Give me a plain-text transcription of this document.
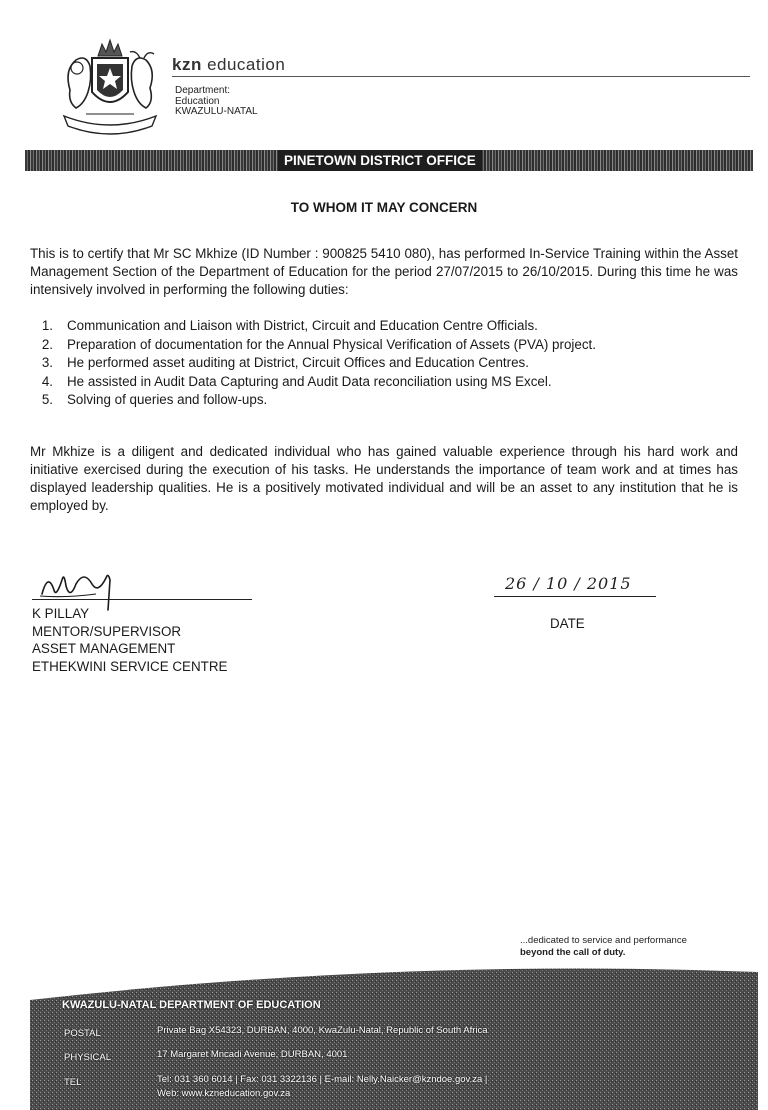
kzn education
Department:
Education
KWAZULU-NATAL
PINETOWN DISTRICT OFFICE
TO WHOM IT MAY CONCERN
This is to certify that Mr SC Mkhize (ID Number : 900825 5410 080), has performed In-Service Training within the Asset Management Section of the Department of Education for the period 27/07/2015 to 26/10/2015. During this time he was intensively involved in performing the following duties:
1.	Communication and Liaison with District, Circuit and Education Centre Officials.
2.	Preparation of documentation for the Annual Physical Verification of Assets (PVA) project.
3.	He performed asset auditing at District, Circuit Offices and Education Centres.
4.	He assisted in Audit Data Capturing and Audit Data reconciliation using MS Excel.
5.	Solving of queries and follow-ups.
Mr Mkhize is a diligent and dedicated individual who has gained valuable experience through his hard work and initiative exercised during the execution of his tasks. He understands the importance of team work and at times has displayed leadership qualities. He is a positively motivated individual and will be an asset to any institution that he is employed by.
K PILLAY
MENTOR/SUPERVISOR
ASSET MANAGEMENT
ETHEKWINI SERVICE CENTRE
26 / 10 / 2015
DATE
...dedicated to service and performance
beyond the call of duty.
KWAZULU-NATAL DEPARTMENT OF EDUCATION
POSTAL	Private Bag X54323, DURBAN, 4000, KwaZulu-Natal, Republic of South Africa
PHYSICAL	17 Margaret Mncadi Avenue, DURBAN, 4001
TEL	Tel: 031 360 6014 | Fax: 031 3322136 | E-mail: Nelly.Naicker@kzndoe.gov.za |
Web: www.kzneducation.gov.za
